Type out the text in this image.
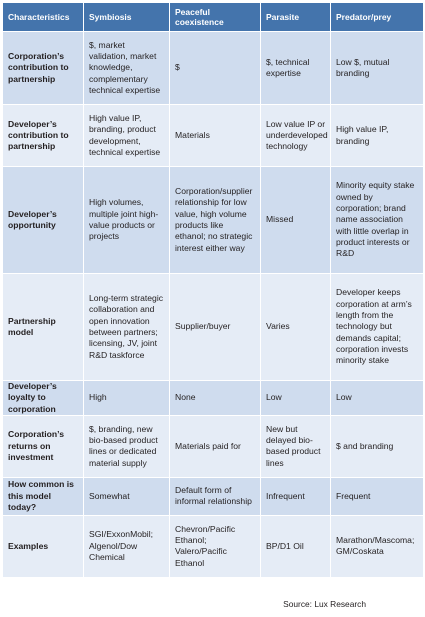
Characteristics	Symbiosis	Peaceful coexistence	Parasite	Predator/prey
Corporation’s contribution to partnership	$, market validation, market knowledge, complementary technical expertise	$	$, technical expertise	Low $, mutual branding
Developer’s contribution to partnership	High value IP, branding, product development, technical expertise	Materials	Low value IP or underdeveloped technology	High value IP, branding
Developer’s opportunity	High volumes, multiple joint high-value products or projects	Corporation/supplier relationship for low value, high volume products like ethanol; no strategic interest either way	Missed	Minority equity stake owned by corporation; brand name association with little overlap in product interests or R&D
Partnership model	Long-term strategic collaboration and open innovation between partners; licensing, JV, joint R&D taskforce	Supplier/buyer	Varies	Developer keeps corporation at arm’s length from the technology but demands capital; corporation invests minority stake
Developer’s loyalty to corporation	High	None	Low	Low
Corporation’s returns on investment	$, branding, new bio-based product lines or dedicated material supply	Materials paid for	New but delayed bio-based product lines	$ and branding
How common is this model today?	Somewhat	Default form of informal relationship	Infrequent	Frequent
Examples	SGI/ExxonMobil; Algenol/Dow Chemical	Chevron/Pacific Ethanol; Valero/Pacific Ethanol	BP/D1 Oil	Marathon/Mascoma; GM/Coskata
Source: Lux Research
